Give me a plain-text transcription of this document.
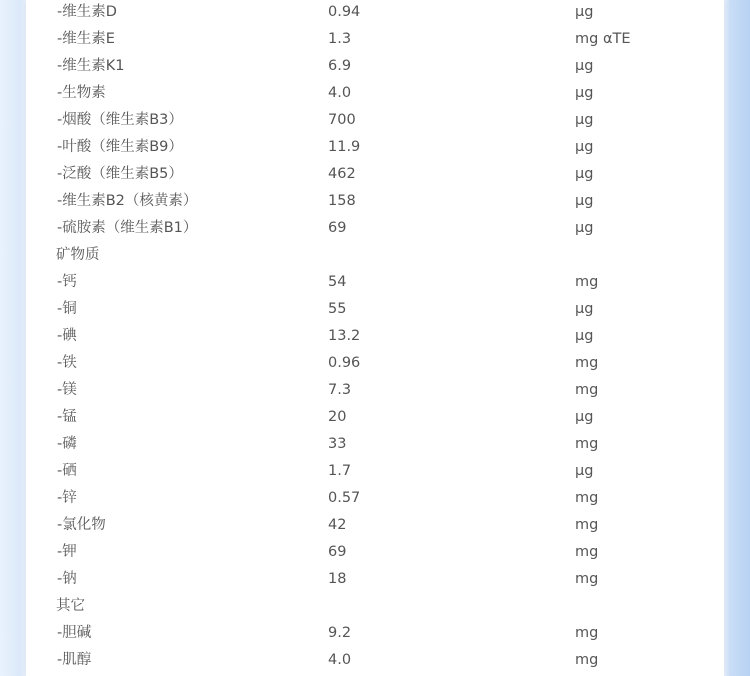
-维生素D	0.94	μg
-维生素E	1.3	mg αTE
-维生素K1	6.9	μg
-生物素	4.0	μg
-烟酸（维生素B3）	700	μg
-叶酸（维生素B9）	11.9	μg
-泛酸（维生素B5）	462	μg
-维生素B2（核黄素）	158	μg
-硫胺素（维生素B1）	69	μg
矿物质
-钙	54	mg
-铜	55	μg
-碘	13.2	μg
-铁	0.96	mg
-镁	7.3	mg
-锰	20	μg
-磷	33	mg
-硒	1.7	μg
-锌	0.57	mg
-氯化物	42	mg
-钾	69	mg
-钠	18	mg
其它
-胆碱	9.2	mg
-肌醇	4.0	mg
